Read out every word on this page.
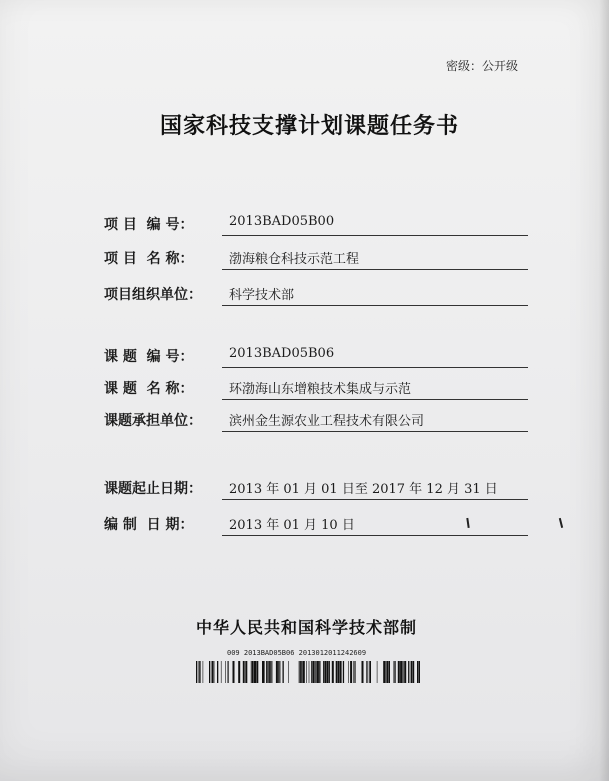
密级：公开级
国家科技支撑计划课题任务书
项 目  编 号：	2013BAD05B00
项 目  名 称：	渤海粮仓科技示范工程
项目组织单位：	科学技术部
课 题  编 号：	2013BAD05B06
课 题  名 称：	环渤海山东增粮技术集成与示范
课题承担单位：	滨州金生源农业工程技术有限公司
课题起止日期：	2013 年 01 月 01 日至 2017 年 12 月 31 日
编 制  日 期：	2013 年 01 月 10 日
中华人民共和国科学技术部制
009 2013BAD05B06 201301201124260​9
